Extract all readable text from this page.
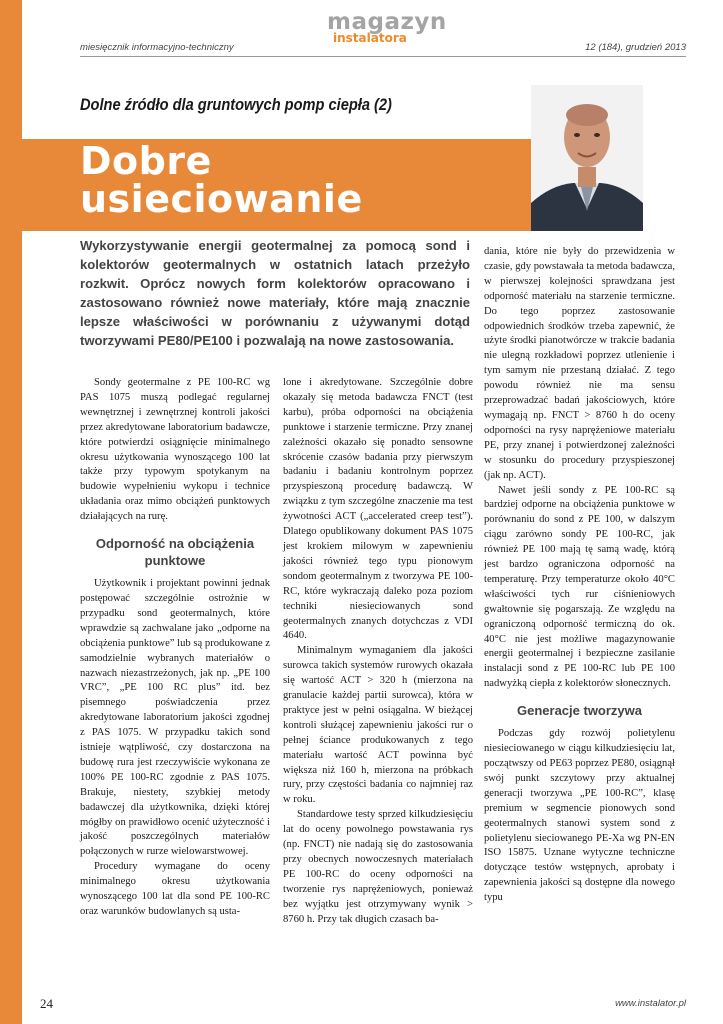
magazyn
instalatora
miesięcznik informacyjno-techniczny	12 (184), grudzień 2013
Dolne źródło dla gruntowych pomp ciepła (2)
Dobre
usieciowanie

Wykorzystywanie energii geotermalnej za pomocą sond i kolektorów geotermalnych w ostatnich latach przeżyło rozkwit. Oprócz nowych form kolektorów opracowano i zastosowano również nowe materiały, które mają znacznie lepsze właściwości w porównaniu z używanymi dotąd tworzywami PE80/PE100 i pozwalają na nowe zastosowania.

Sondy geotermalne z PE 100-RC wg PAS 1075 muszą podlegać regularnej wewnętrznej i zewnętrznej kontroli jakości przez akredytowane laboratorium badawcze, które potwierdzi osiągnięcie minimalnego okresu użytkowania wynoszącego 100 lat także przy typowym spotykanym na budowie wypełnieniu wykopu i technice układania oraz mimo obciążeń punktowych działających na rurę.

Odporność na obciążenia punktowe

Użytkownik i projektant powinni jednak postępować szczególnie ostrożnie w przypadku sond geotermalnych, które wprawdzie są zachwalane jako „odporne na obciążenia punktowe” lub są produkowane z samodzielnie wybranych materiałów o nazwach niezastrzeżonych, jak np. „PE 100 VRC”, „PE 100 RC plus” itd. bez pisemnego poświadczenia przez akredytowane laboratorium jakości zgodnej z PAS 1075. W przypadku takich sond istnieje wątpliwość, czy dostarczona na budowę rura jest rzeczywiście wykonana ze 100% PE 100-RC zgodnie z PAS 1075. Brakuje, niestety, szybkiej metody badawczej dla użytkownika, dzięki której mógłby on prawidłowo ocenić użyteczność i jakość poszczególnych materiałów połączonych w rurze wielowarstwowej.

Procedury wymagane do oceny minimalnego okresu użytkowania wynoszącego 100 lat dla sond PE 100-RC oraz warunków budowlanych są usta-

lone i akredytowane. Szczególnie dobre okazały się metoda badawcza FNCT (test karbu), próba odporności na obciążenia punktowe i starzenie termiczne. Przy znanej zależności okazało się ponadto sensowne skrócenie czasów badania przy pierwszym badaniu i badaniu kontrolnym poprzez przyspieszoną procedurę badawczą. W związku z tym szczególne znaczenie ma test żywotności ACT („accelerated creep test”). Dlatego opublikowany dokument PAS 1075 jest krokiem milowym w zapewnieniu jakości również tego typu pionowym sondom geotermalnym z tworzywa PE 100-RC, które wykraczają daleko poza poziom techniki niesieciowanych sond geotermalnych znanych dotychczas z VDI 4640.

Minimalnym wymaganiem dla jakości surowca takich systemów rurowych okazała się wartość ACT > 320 h (mierzona na granulacie każdej partii surowca), która w praktyce jest w pełni osiągalna. W bieżącej kontroli służącej zapewnieniu jakości rur o pełnej ściance produkowanych z tego materiału wartość ACT powinna być większa niż 160 h, mierzona na próbkach rury, przy częstości badania co najmniej raz w roku.

Standardowe testy sprzed kilkudziesięciu lat do oceny powolnego powstawania rys (np. FNCT) nie nadają się do zastosowania przy obecnych nowoczesnych materiałach PE 100-RC do oceny odporności na tworzenie rys naprężeniowych, ponieważ bez wyjątku jest otrzymywany wynik > 8760 h. Przy tak długich czasach ba-

dania, które nie były do przewidzenia w czasie, gdy powstawała ta metoda badawcza, w pierwszej kolejności sprawdzana jest odporność materiału na starzenie termiczne. Do tego poprzez zastosowanie odpowiednich środków trzeba zapewnić, że użyte środki pianotwórcze w trakcie badania nie ulegną rozkładowi poprzez utlenienie i tym samym nie przestaną działać. Z tego powodu również nie ma sensu przeprowadzać badań jakościowych, które wymagają np. FNCT > 8760 h do oceny odporności na rysy naprężeniowe materiału PE, przy znanej i potwierdzonej zależności w stosunku do procedury przyspieszonej (jak np. ACT).

Nawet jeśli sondy z PE 100-RC są bardziej odporne na obciążenia punktowe w porównaniu do sond z PE 100, w dalszym ciągu zarówno sondy PE 100-RC, jak również PE 100 mają tę samą wadę, którą jest bardzo ograniczona odporność na temperaturę. Przy temperaturze około 40°C właściwości tych rur ciśnieniowych gwałtownie się pogarszają. Ze względu na ograniczoną odporność termiczną do ok. 40°C nie jest możliwe magazynowanie energii geotermalnej i bezpieczne zasilanie instalacji sond z PE 100-RC lub PE 100 nadwyżką ciepła z kolektorów słonecznych.

Generacje tworzywa

Podczas gdy rozwój polietylenu niesieciowanego w ciągu kilkudziesięciu lat, początwszy od PE63 poprzez PE80, osiągnął swój punkt szczytowy przy aktualnej generacji tworzywa „PE 100-RC”, klasę premium w segmencie pionowych sond geotermalnych stanowi system sond z polietylenu sieciowanego PE-Xa wg PN-EN ISO 15875. Uznane wytyczne techniczne dotyczące testów wstępnych, aprobaty i zapewnienia jakości są dostępne dla nowego typu

24	www.instalator.pl
